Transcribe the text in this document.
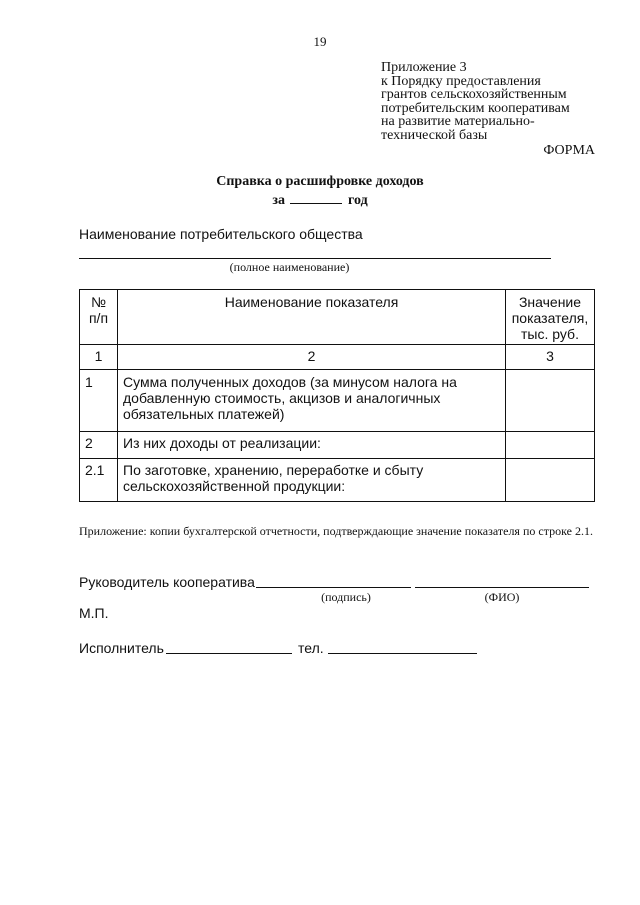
19
Приложение 3
к Порядку предоставления
грантов сельскохозяйственным
потребительским кооперативам
на развитие материально-
технической базы
ФОРМА
Справка о расшифровке доходов
за	год
Наименование потребительского общества
(полное наименование)
№ п/п	Наименование показателя	Значение показателя, тыс. руб.
1	2	3
1	Сумма полученных доходов (за минусом налога на добавленную стоимость, акцизов и аналогичных обязательных платежей)	
2	Из них доходы от реализации:	
2.1	По заготовке, хранению, переработке и сбыту сельскохозяйственной продукции:	
Приложение: копии бухгалтерской отчетности, подтверждающие значение показателя по строке 2.1.
Руководитель кооператива
(подпись)	(ФИО)
М.П.
Исполнитель	тел.
